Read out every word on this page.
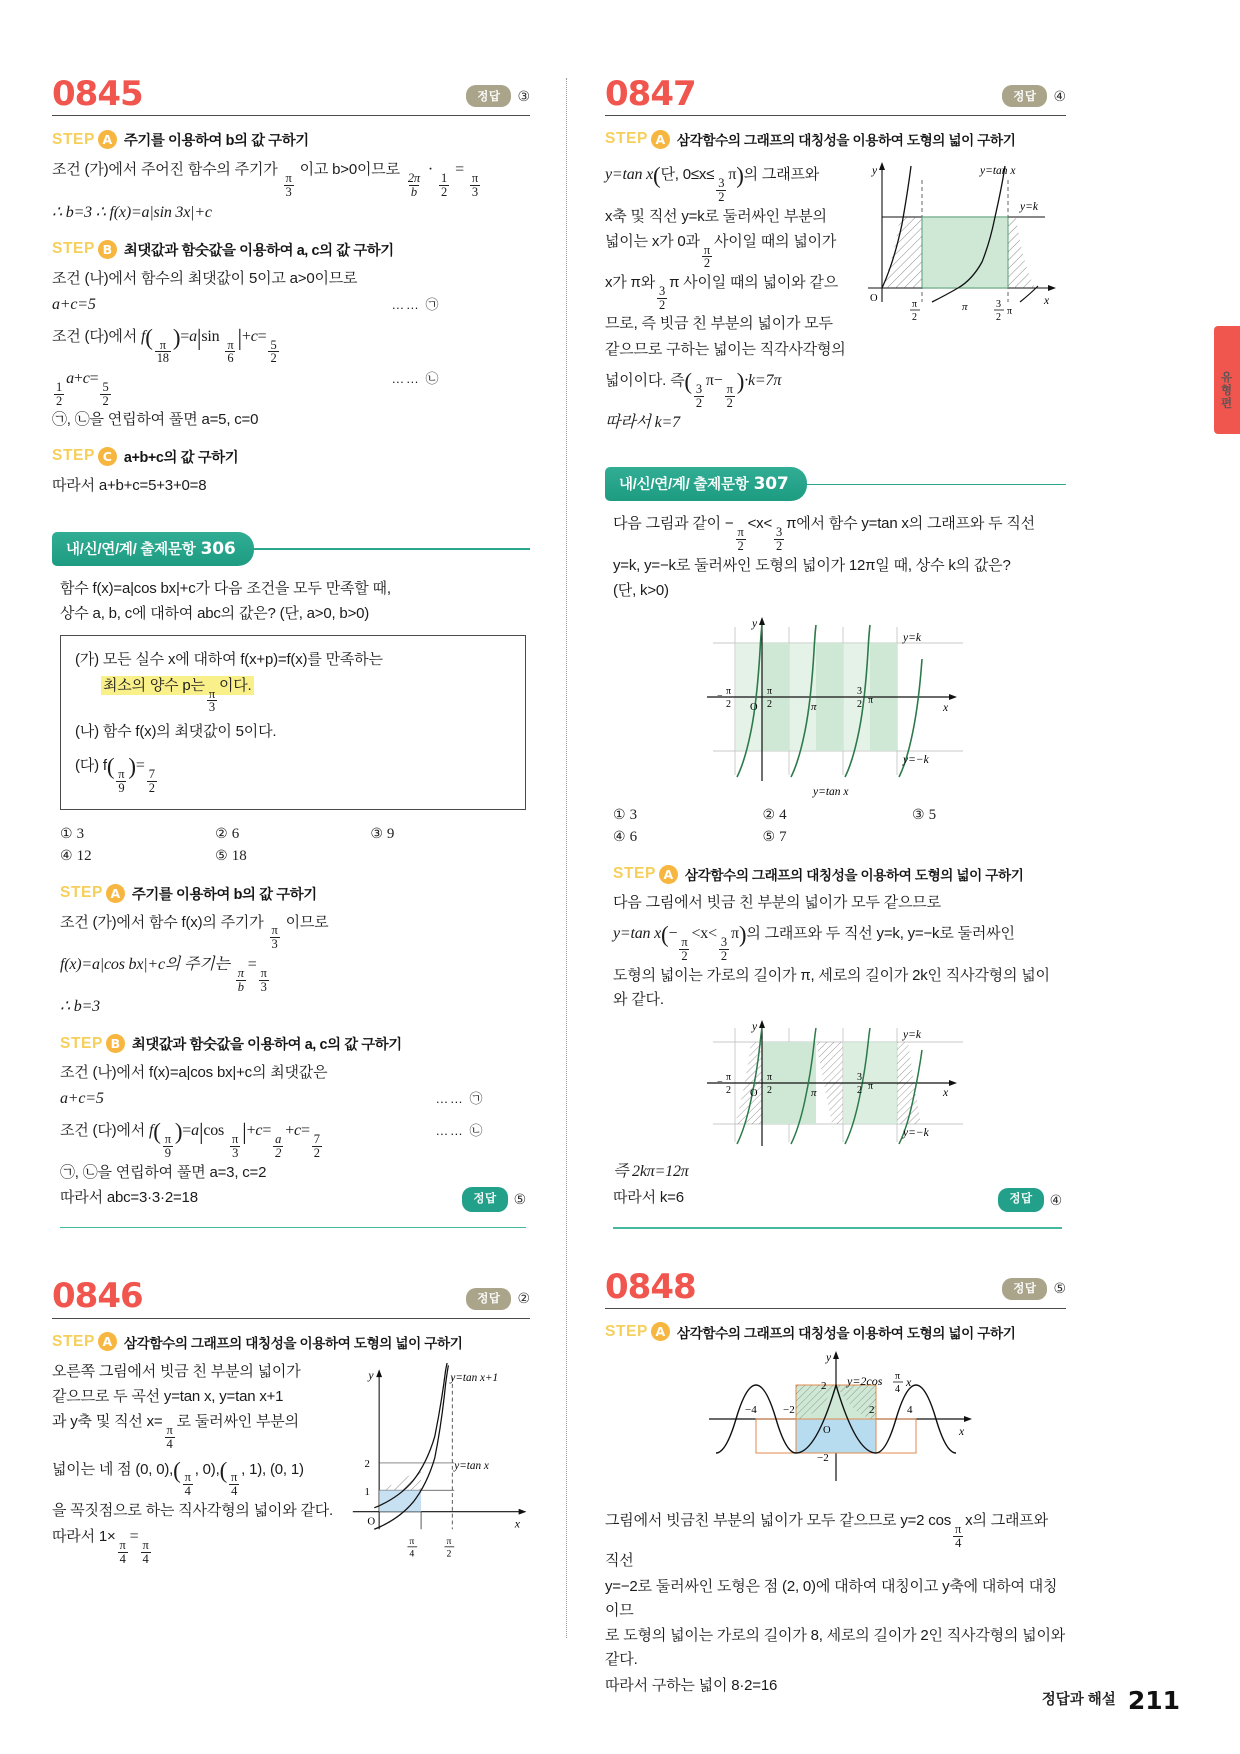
0845	정답	③
STEP A 주기를 이용하여 b의 값 구하기
조건 (가)에서 주어진 함수의 주기가
$\frac{\pi}{3}$
이고 b>0이므로
$\frac{2\pi}{b}$
·
$\frac{1}{2}$
=
$\frac{\pi}{3}$
∴ b=3 ∴ f(x)=a|sin 3x|+c
STEP B 최댓값과 함숫값을 이용하여 a, c의 값 구하기
조건 (나)에서 함수의 최댓값이 5이고 a>0이므로
a+c=5	…… ㉠
조건 (다)에서 f(
$\frac{\pi}{18}$
)=a|sin
$\frac{\pi}{6}$
|+c=
$\frac{5}{2}$
$\frac{1}{2}$
a+c=
$\frac{5}{2}$
…… ㉡
㉠, ㉡을 연립하여 풀면 a=5, c=0
STEP C a+b+c의 값 구하기
따라서 a+b+c=5+3+0=8
내/신/연/계/ 출제문항 306
함수 f(x)=a|cos bx|+c가 다음 조건을 모두 만족할 때,
상수 a, b, c에 대하여 abc의 값은? (단, a>0, b>0)
(가) 모든 실수 x에 대하여 f(x+p)=f(x)를 만족하는
최소의 양수 p는
$\frac{\pi}{3}$
이다.
(나) 함수 f(x)의 최댓값이 5이다.
(다) f(
$\frac{\pi}{9}$
)=
$\frac{7}{2}$
① 3	② 6	③ 9
④ 12	⑤ 18
STEP A 주기를 이용하여 b의 값 구하기
조건 (가)에서 함수 f(x)의 주기가
$\frac{\pi}{3}$
이므로
f(x)=a|cos bx|+c의 주기는
$\frac{\pi}{b}$
=
$\frac{\pi}{3}$
∴ b=3
STEP B 최댓값과 함숫값을 이용하여 a, c의 값 구하기
조건 (나)에서 f(x)=a|cos bx|+c의 최댓값은
a+c=5	…… ㉠
조건 (다)에서 f(
$\frac{\pi}{9}$
)=a|cos
$\frac{\pi}{3}$
|+c=
$\frac{a}{2}$
+c=
$\frac{7}{2}$
…… ㉡
㉠, ㉡을 연립하여 풀면 a=3, c=2
따라서 abc=3·3·2=18	정답	⑤
0846	정답	②
STEP A 삼각함수의 그래프의 대칭성을 이용하여 도형의 넓이 구하기
오른쪽 그림에서 빗금 친 부분의 넓이가
같으므로 두 곡선 y=tan x, y=tan x+1
과 y축 및 직선 x=
$\frac{\pi}{4}$
로 둘러싸인 부분의
넓이는 네 점 (0, 0),(
$\frac{\pi}{4}$
, 0),(
$\frac{\pi}{4}$
, 1), (0, 1)
을 꼭짓점으로 하는 직사각형의 넓이와 같다.
따라서 1×
$\frac{\pi}{4}$
=
$\frac{\pi}{4}$
y
x
O
2
1
π
4
π
2
y=tan x+1
y=tan x
0847	정답	④
STEP A 삼각함수의 그래프의 대칭성을 이용하여 도형의 넓이 구하기
y=tan x(단, 0≤x≤
$\frac{3}{2}$
π)의 그래프와
x축 및 직선 y=k로 둘러싸인 부분의
넓이는 x가 0과
$\frac{\pi}{2}$
사이일 때의 넓이가
x가 π와
$\frac{3}{2}$
π 사이일 때의 넓이와 같으
므로, 즉 빗금 친 부분의 넓이가 모두
같으므로 구하는 넓이는 직각사각형의
넓이이다. 즉(
$\frac{3}{2}$
π−
$\frac{\pi}{2}$
)·k=7π
따라서 k=7
y
x
O
π
2
π	3
2
π
y=tan x
y=k
내/신/연/계/ 출제문항 307
다음 그림과 같이 −
$\frac{\pi}{2}$
<x<
$\frac{3}{2}$
π에서 함수 y=tan x의 그래프와 두 직선
y=k, y=−k로 둘러싸인 도형의 넓이가 12π일 때, 상수 k의 값은?
(단, k>0)
y
x
O
y=k
y=−k
y=tan x
− π
2
π
2	π
3
2 π
① 3	② 4	③ 5
④ 6	⑤ 7
STEP A 삼각함수의 그래프의 대칭성을 이용하여 도형의 넓이 구하기
다음 그림에서 빗금 친 부분의 넓이가 모두 같으므로
y=tan x(−
$\frac{\pi}{2}$
<x<
$\frac{3}{2}$
π)의 그래프와 두 직선 y=k, y=−k로 둘러싸인
도형의 넓이는 가로의 길이가 π, 세로의 길이가 2k인 직사각형의 넓이와 같다.
y
x
O
y=k
y=−k
− π
2
π
2	π
3
2 π
즉 2kπ=12π
따라서 k=6	정답	④
0848	정답	⑤
STEP A 삼각함수의 그래프의 대칭성을 이용하여 도형의 넓이 구하기
y
x
O
2
−2
−4 −2	2	4
y=2cos π
4
x
그림에서 빗금친 부분의 넓이가 모두 같으므로 y=2 cos
$\frac{\pi}{4}$
x의 그래프와 직선
y=−2로 둘러싸인 도형은 점 (2, 0)에 대하여 대칭이고 y축에 대하여 대칭이므
로 도형의 넓이는 가로의 길이가 8, 세로의 길이가 2인 직사각형의 넓이와 같다.
따라서 구하는 넓이 8·2=16
유형편
정답과 해설 211
